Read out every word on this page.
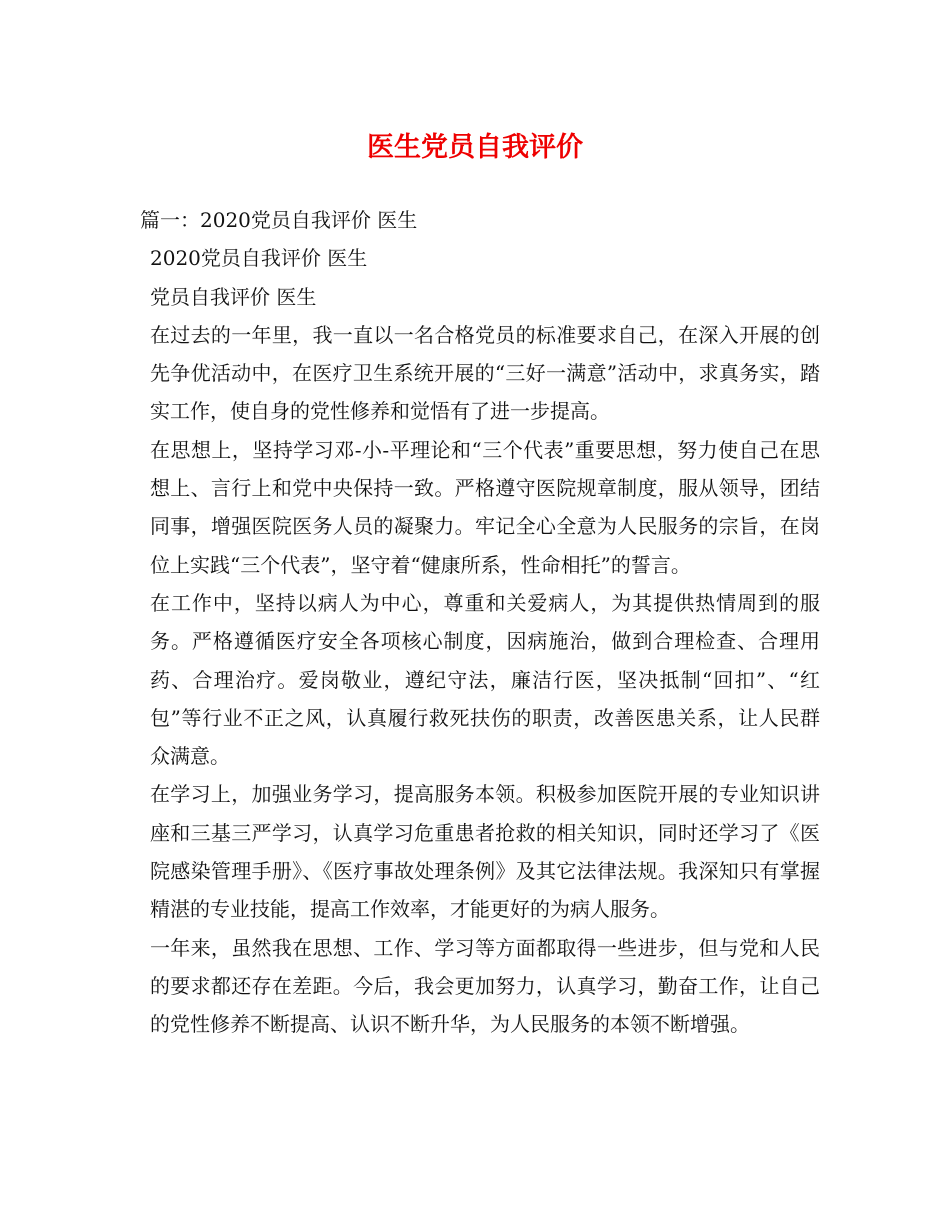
医生党员自我评价

篇一：2020党员自我评价 医生

2020党员自我评价 医生

党员自我评价 医生

在过去的一年里，我一直以一名合格党员的标准要求自己，在深入开展的创先争优活动中，在医疗卫生系统开展的“三好一满意”活动中，求真务实，踏实工作，使自身的党性修养和觉悟有了进一步提高。

在思想上，坚持学习邓-小-平理论和“三个代表”重要思想，努力使自己在思想上、言行上和党中央保持一致。严格遵守医院规章制度，服从领导，团结同事，增强医院医务人员的凝聚力。牢记全心全意为人民服务的宗旨，在岗位上实践“三个代表”，坚守着“健康所系，性命相托”的誓言。

在工作中，坚持以病人为中心，尊重和关爱病人，为其提供热情周到的服务。严格遵循医疗安全各项核心制度，因病施治，做到合理检查、合理用药、合理治疗。爱岗敬业，遵纪守法，廉洁行医，坚决抵制“回扣”、“红包”等行业不正之风，认真履行救死扶伤的职责，改善医患关系，让人民群众满意。

在学习上，加强业务学习，提高服务本领。积极参加医院开展的专业知识讲座和三基三严学习，认真学习危重患者抢救的相关知识，同时还学习了《医院感染管理手册》、《医疗事故处理条例》及其它法律法规。我深知只有掌握精湛的专业技能，提高工作效率，才能更好的为病人服务。

一年来，虽然我在思想、工作、学习等方面都取得一些进步，但与党和人民的要求都还存在差距。今后，我会更加努力，认真学习，勤奋工作，让自己的党性修养不断提高、认识不断升华，为人民服务的本领不断增强。
